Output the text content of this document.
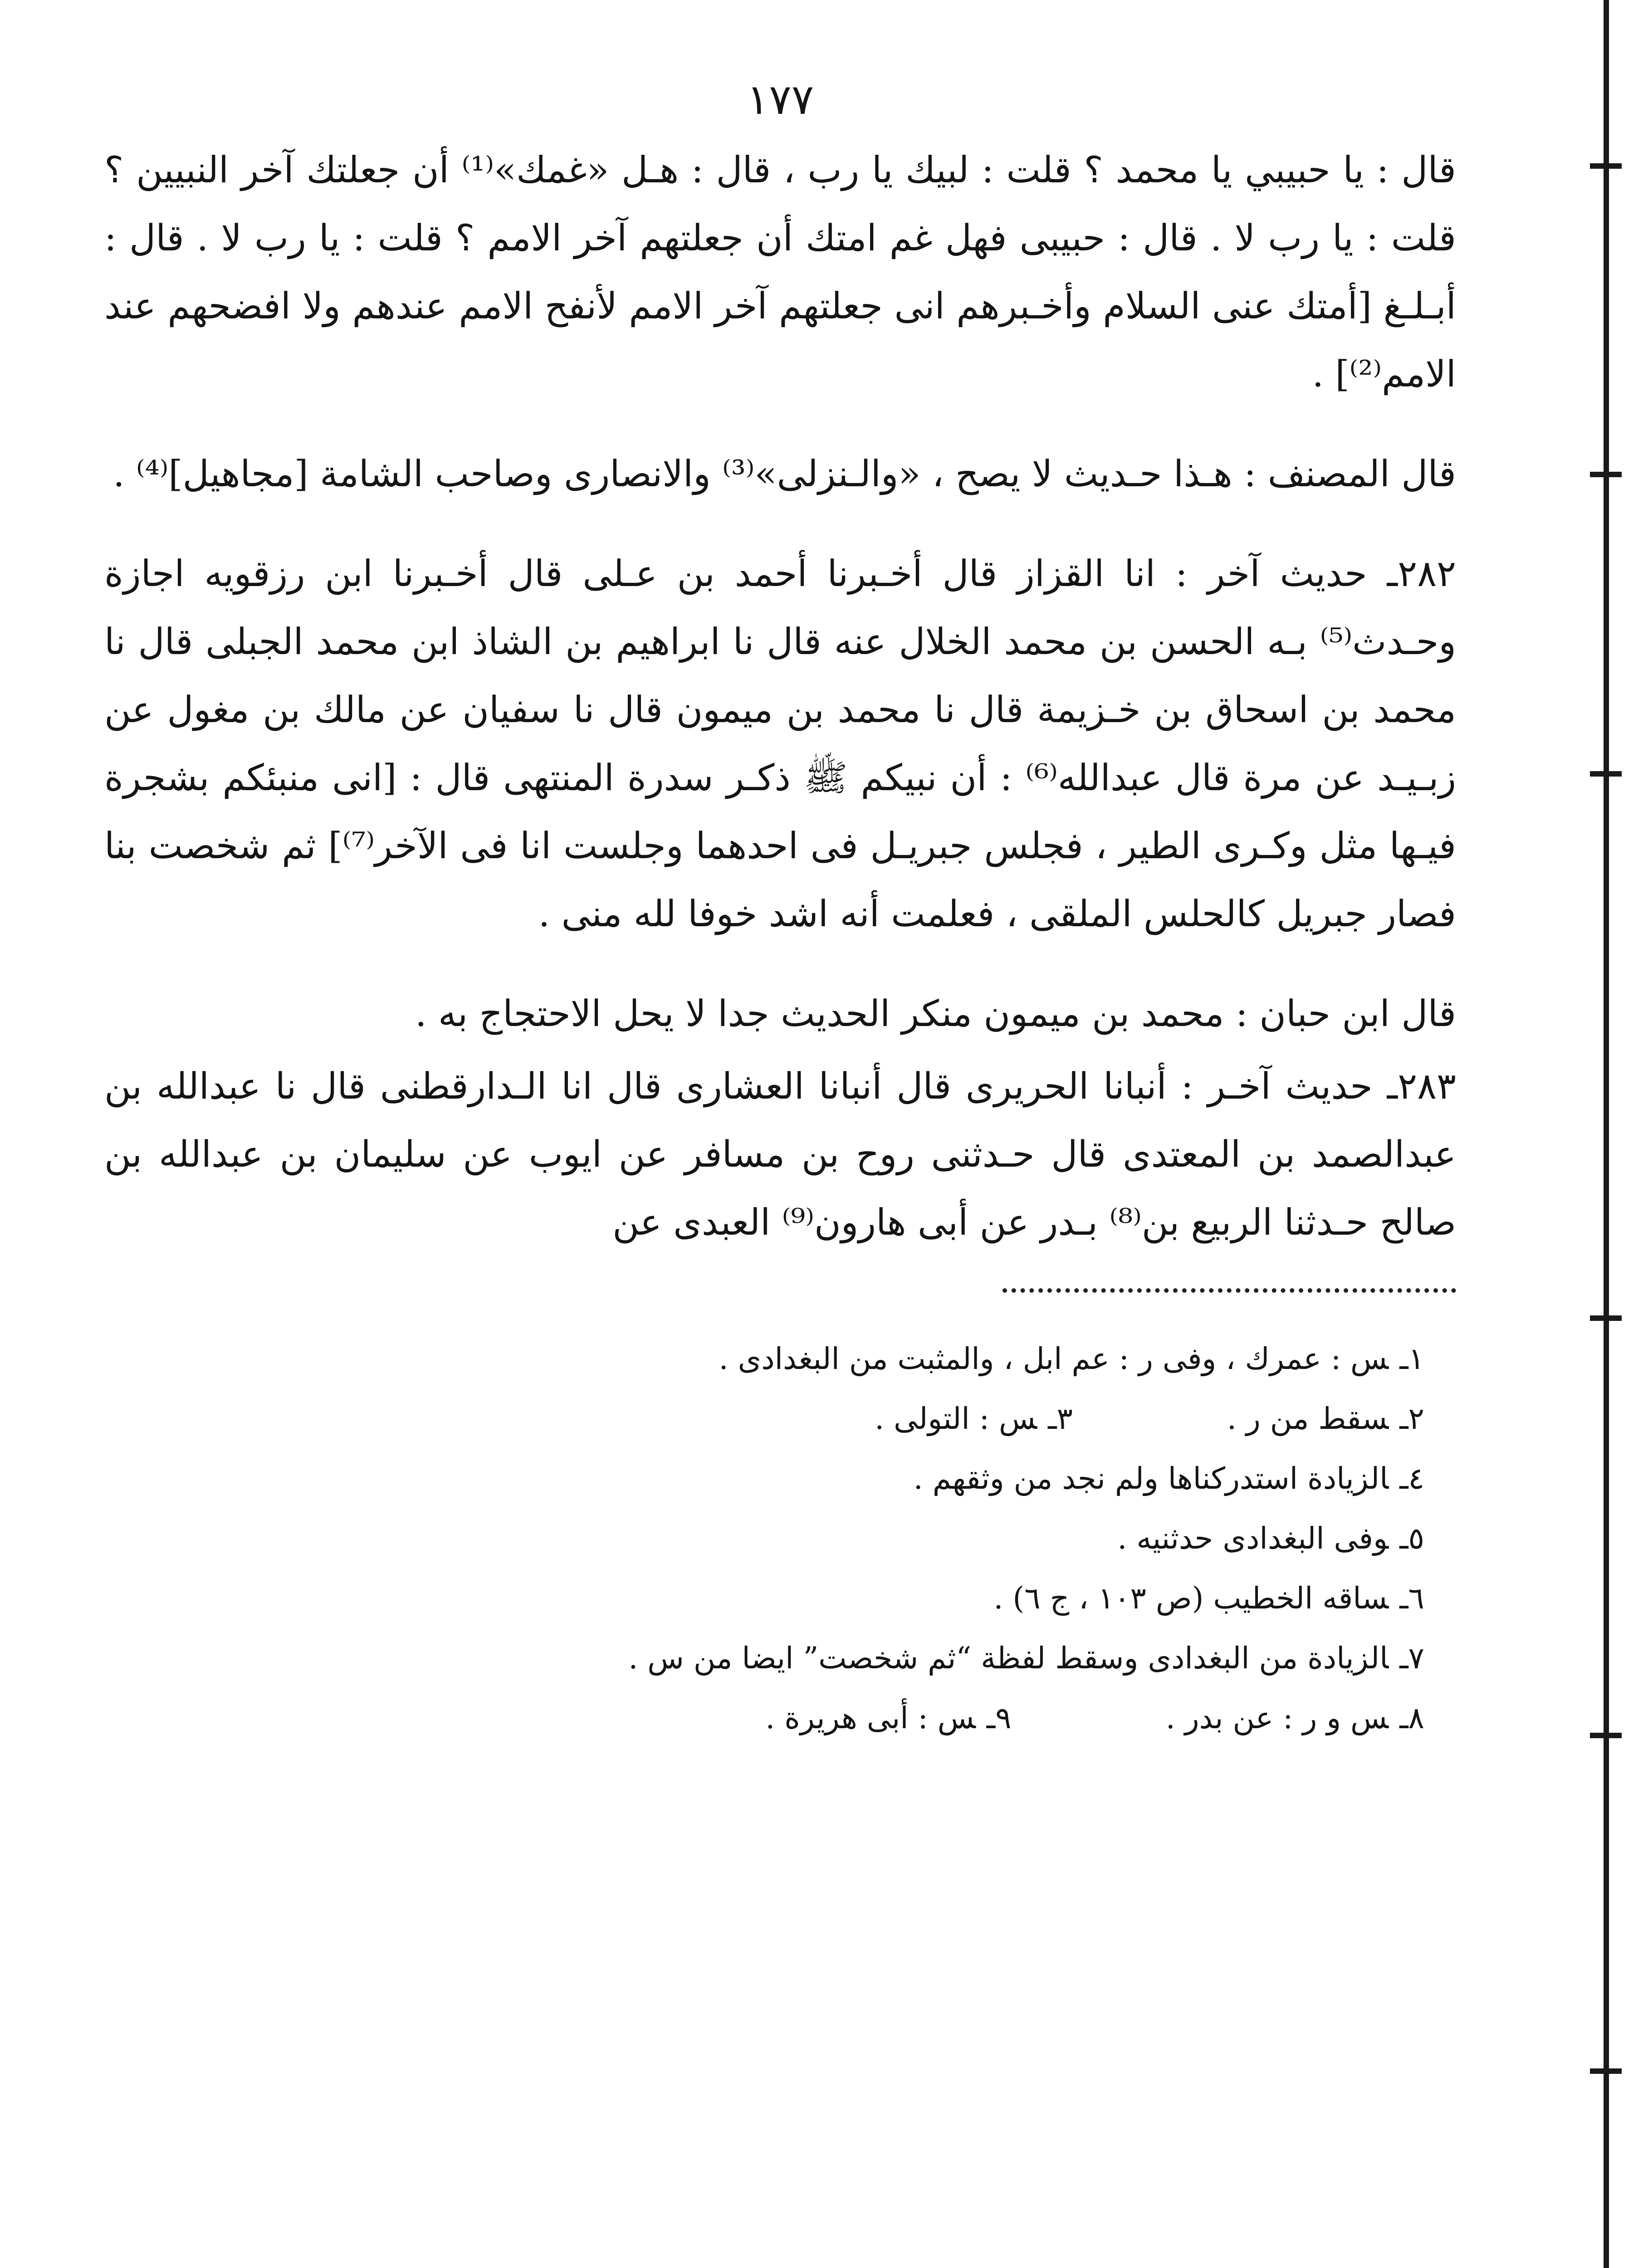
١٧٧

قال : يا حبيبي يا محمد ؟ قلت : لبيك يا رب ، قال : هـل «غمك»⁽¹⁾ أن جعلتك آخر النبيين ؟ قلت : يا رب لا . قال : حبيبى فهل غم امتك أن جعلتهم آخر الامم ؟ قلت : يا رب لا . قال : أبـلـغ [أمتك عنى السلام وأخـبرهم انى جعلتهم آخر الامم لأنفح الامم عندهم ولا افضحهم عند الامم⁽²⁾] .

قال المصنف : هـذا حـديث لا يصح ، «والـنزلى»⁽³⁾ والانصارى وصاحب الشامة [مجاهيل]⁽⁴⁾ .

٢٨٢ـ حديث آخر : انا القزاز قال أخـبرنا أحمد بن عـلى قال أخـبرنا ابن رزقويه اجازة وحـدث⁽⁵⁾ بـه الحسن بن محمد الخلال عنه قال نا ابراهيم بن الشاذ ابن محمد الجبلى قال نا محمد بن اسحاق بن خـزيمة قال نا محمد بن ميمون قال نا سفيان عن مالك بن مغول عن زبـيـد عن مرة قال عبدالله⁽⁶⁾ : أن نبيكم ﷺ ذكـر سدرة المنتهى قال : [انى منبئكم بشجرة فيـها مثل وكـرى الطير ، فجلس جبريـل فى احدهما وجلست انا فى الآخر⁽⁷⁾] ثم شخصت بنا فصار جبريل كالحلس الملقى ، فعلمت أنه اشد خوفا لله منى .

قال ابن حبان : محمد بن ميمون منكر الحديث جدا لا يحل الاحتجاج به .

٢٨٣ـ حديث آخـر : أنبانا الحريرى قال أنبانا العشارى قال انا الـدارقطنى قال نا عبدالله بن عبدالصمد بن المعتدى قال حـدثنى روح بن مسافر عن ايوب عن سليمان بن عبدالله بن صالح حـدثنا الربيع بن⁽⁸⁾ بـدر عن أبى هارون⁽⁹⁾ العبدى عن

١ـس : عمرك ، وفى ر : عم ابل ، والمثبت من البغدادى .
٢ـسقط من ر .
٣ـس : التولى .
٤ـالزيادة استدركناها ولم نجد من وثقهم .
٥ـوفى البغدادى حدثنيه .
٦ـساقه الخطيب (ص ١٠٣ ، ج ٦) .
٧ـالزيادة من البغدادى وسقط لفظة “ثم شخصت” ايضا من س .
٨ـس و ر : عن بدر .
٩ـس : أبى هريرة .
